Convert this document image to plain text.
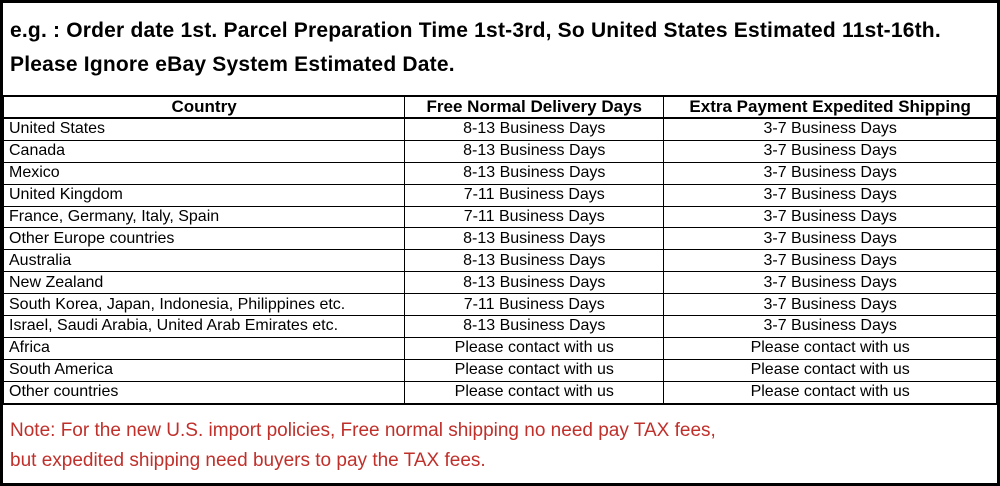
e.g. : Order date 1st. Parcel Preparation Time 1st-3rd, So United States Estimated 11st-16th.
Please Ignore eBay System Estimated Date.
Country	Free Normal Delivery Days	Extra Payment Expedited Shipping
United States	8-13 Business Days	3-7 Business Days
Canada	8-13 Business Days	3-7 Business Days
Mexico	8-13 Business Days	3-7 Business Days
United Kingdom	7-11 Business Days	3-7 Business Days
France, Germany, Italy, Spain	7-11 Business Days	3-7 Business Days
Other Europe countries	8-13 Business Days	3-7 Business Days
Australia	8-13 Business Days	3-7 Business Days
New Zealand	8-13 Business Days	3-7 Business Days
South Korea, Japan, Indonesia, Philippines etc.	7-11 Business Days	3-7 Business Days
Israel, Saudi Arabia, United Arab Emirates etc.	8-13 Business Days	3-7 Business Days
Africa	Please contact with us	Please contact with us
South America	Please contact with us	Please contact with us
Other countries	Please contact with us	Please contact with us
Note: For the new U.S. import policies, Free normal shipping no need pay TAX fees,
but expedited shipping need buyers to pay the TAX fees.
